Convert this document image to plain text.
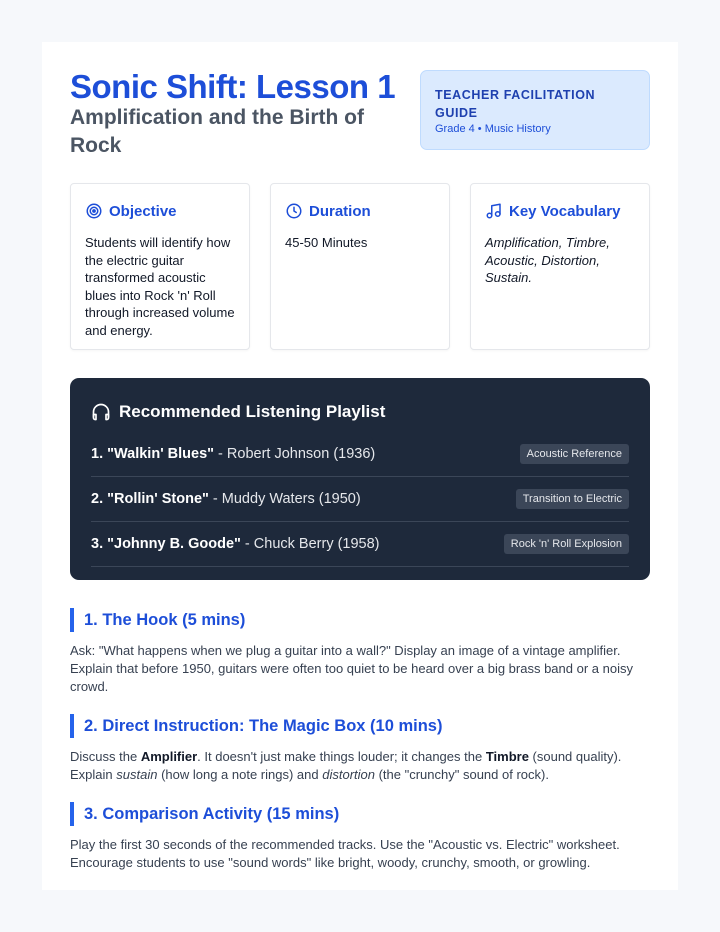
Sonic Shift: Lesson 1
Amplification and the Birth of Rock
TEACHER FACILITATION GUIDE
Grade 4 • Music History
Objective
Students will identify how the electric guitar transformed acoustic blues into Rock 'n' Roll through increased volume and energy.
Duration
45-50 Minutes
Key Vocabulary
Amplification, Timbre, Acoustic, Distortion, Sustain.
Recommended Listening Playlist
1. "Walkin' Blues" - Robert Johnson (1936)	Acoustic Reference
2. "Rollin' Stone" - Muddy Waters (1950)	Transition to Electric
3. "Johnny B. Goode" - Chuck Berry (1958)	Rock 'n' Roll Explosion
1. The Hook (5 mins)
Ask: "What happens when we plug a guitar into a wall?" Display an image of a vintage amplifier. Explain that before 1950, guitars were often too quiet to be heard over a big brass band or a noisy crowd.
2. Direct Instruction: The Magic Box (10 mins)
Discuss the Amplifier. It doesn't just make things louder; it changes the Timbre (sound quality). Explain sustain (how long a note rings) and distortion (the "crunchy" sound of rock).
3. Comparison Activity (15 mins)
Play the first 30 seconds of the recommended tracks. Use the "Acoustic vs. Electric" worksheet. Encourage students to use "sound words" like bright, woody, crunchy, smooth, or growling.
